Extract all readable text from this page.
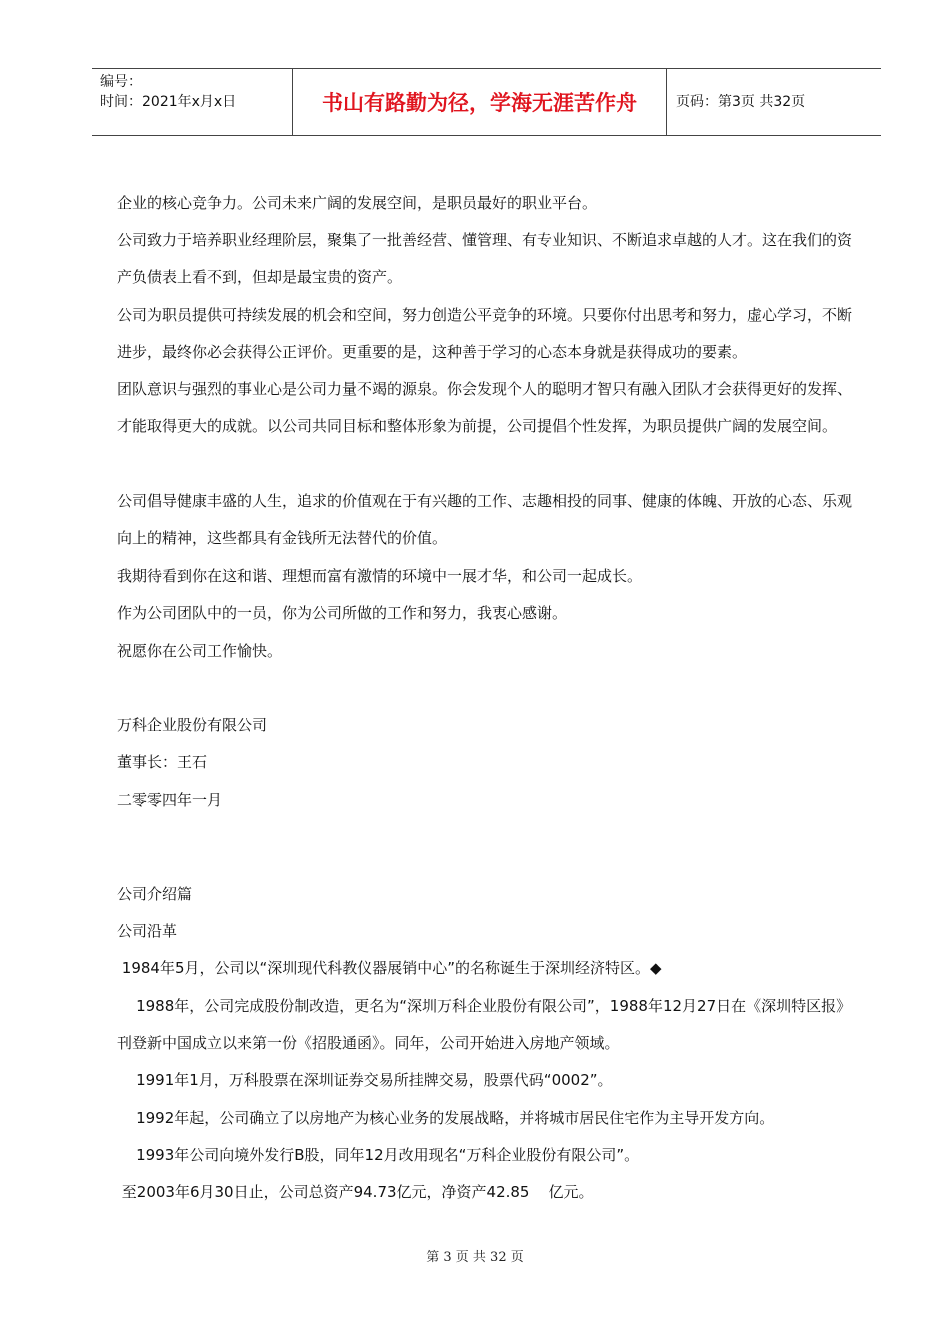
编号：
时间：2021年x月x日	书山有路勤为径，学海无涯苦作舟	页码：第3页 共32页

企业的核心竞争力。公司未来广阔的发展空间，是职员最好的职业平台。

公司致力于培养职业经理阶层，聚集了一批善经营、懂管理、有专业知识、不断追求卓越的人才。这在我们的资产负债表上看不到，但却是最宝贵的资产。

公司为职员提供可持续发展的机会和空间，努力创造公平竞争的环境。只要你付出思考和努力，虚心学习，不断进步，最终你必会获得公正评价。更重要的是，这种善于学习的心态本身就是获得成功的要素。

团队意识与强烈的事业心是公司力量不竭的源泉。你会发现个人的聪明才智只有融入团队才会获得更好的发挥、才能取得更大的成就。以公司共同目标和整体形象为前提，公司提倡个性发挥，为职员提供广阔的发展空间。

公司倡导健康丰盛的人生，追求的价值观在于有兴趣的工作、志趣相投的同事、健康的体魄、开放的心态、乐观向上的精神，这些都具有金钱所无法替代的价值。

我期待看到你在这和谐、理想而富有激情的环境中一展才华，和公司一起成长。

作为公司团队中的一员，你为公司所做的工作和努力，我衷心感谢。

祝愿你在公司工作愉快。

万科企业股份有限公司

董事长：王石

二零零四年一月

公司介绍篇

公司沿革

1984年5月，公司以“深圳现代科教仪器展销中心”的名称诞生于深圳经济特区。◆

1988年，公司完成股份制改造，更名为“深圳万科企业股份有限公司”，1988年12月27日在《深圳特区报》刊登新中国成立以来第一份《招股通函》。同年，公司开始进入房地产领域。

1991年1月，万科股票在深圳证券交易所挂牌交易，股票代码“0002”。

1992年起，公司确立了以房地产为核心业务的发展战略，并将城市居民住宅作为主导开发方向。

1993年公司向境外发行B股，同年12月改用现名“万科企业股份有限公司”。

至2003年6月30日止，公司总资产94.73亿元，净资产42.85    亿元。

第 3 页 共 32 页
